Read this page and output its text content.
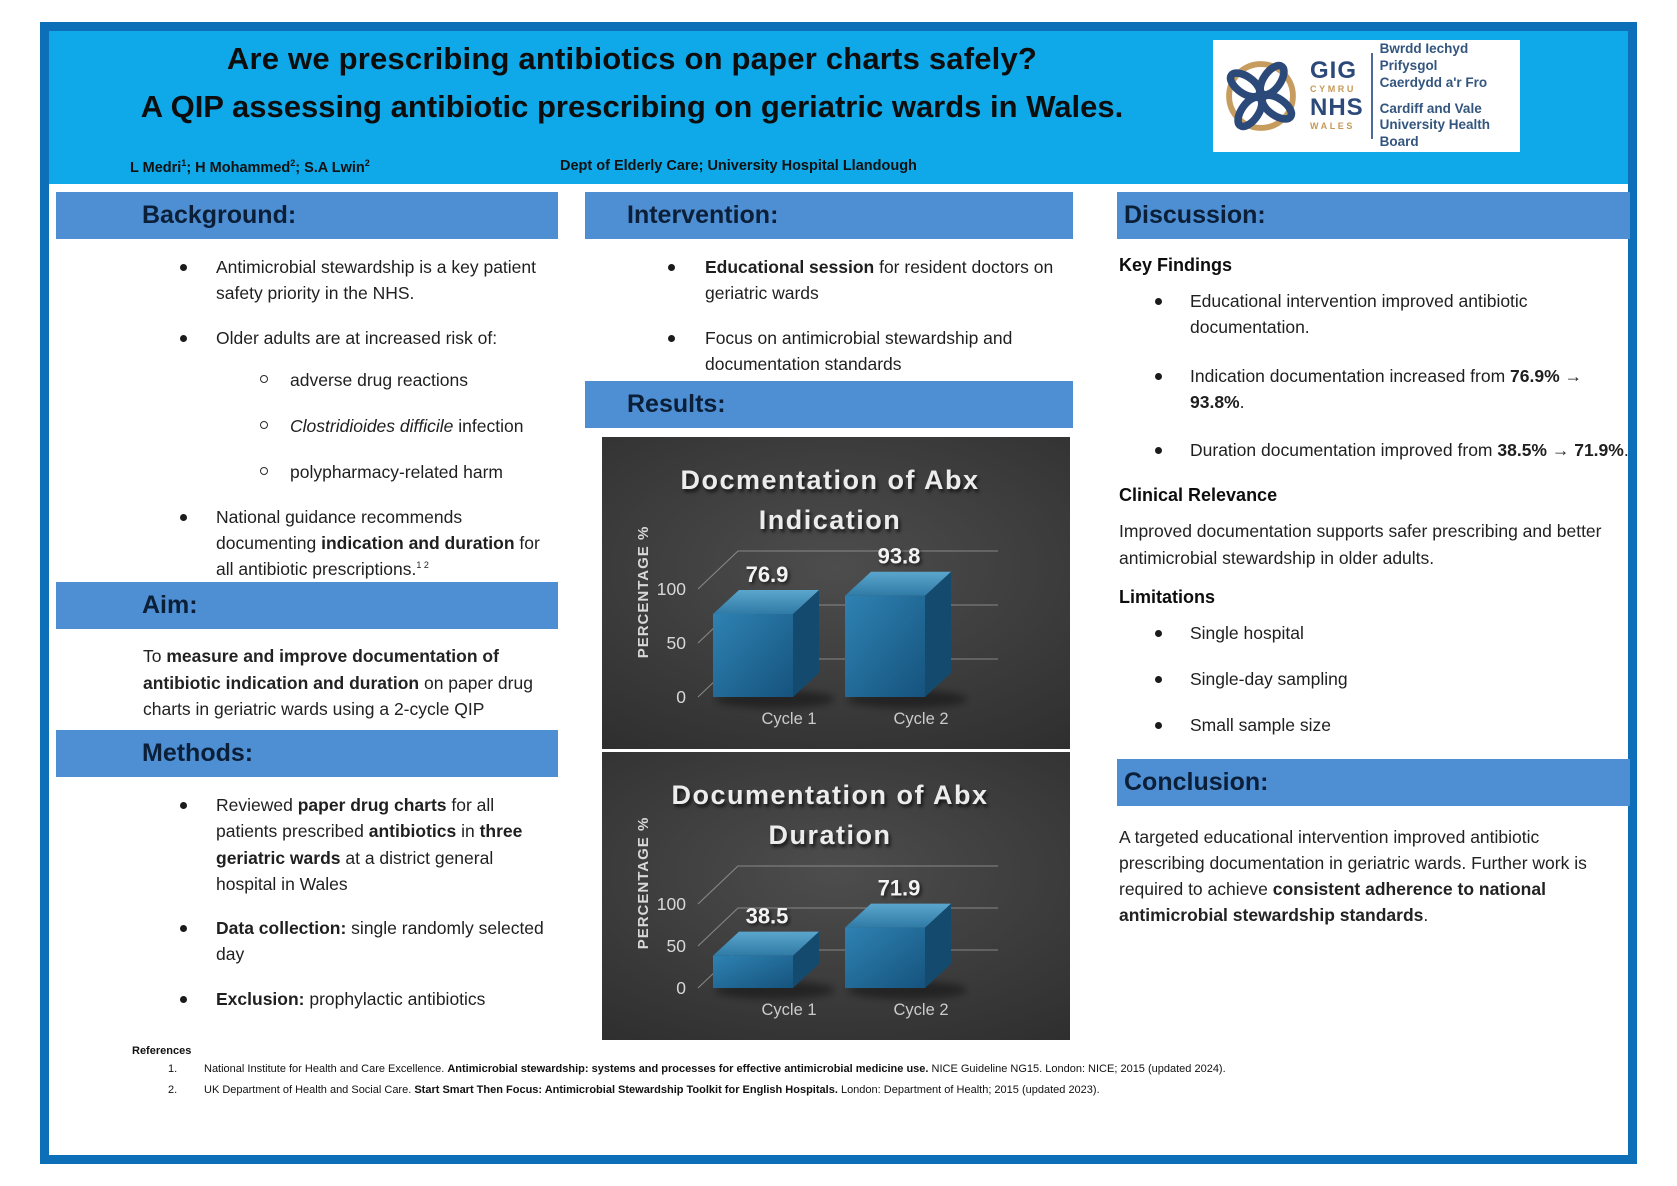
Are we prescribing antibiotics on paper charts safely?
A QIP assessing antibiotic prescribing on geriatric wards in Wales.
L Medri$^1$; H Mohammed$^2$; S.A Lwin$^2$	Dept of Elderly Care; University Hospital Llandough
GIG
CYMRU
NHS
WALES
Bwrdd Iechyd Prifysgol
Caerdydd a'r Fro
Cardiff and Vale
University Health Board
Background:
Antimicrobial stewardship is a key patient safety priority in the NHS.
Older adults are at increased risk of:
adverse drug reactions
Clostridioides difficile infection
polypharmacy-related harm
National guidance recommends documenting indication and duration for all antibiotic prescriptions.$^{1 2}$
Aim:

To measure and improve documentation of antibiotic indication and duration on paper drug charts in geriatric wards using a 2-cycle QIP

Methods:
Reviewed paper drug charts for all patients prescribed antibiotics in three geriatric wards at a district general hospital in Wales
Data collection: single randomly selected day
Exclusion: prophylactic antibiotics
Intervention:
Educational session for resident doctors on geriatric wards
Focus on antimicrobial stewardship and documentation standards
Results:
Docmentation of Abx
Indication
PERCENTAGE %
0
50
100
76.9
Cycle 1
93.8
Cycle 2
Documentation of Abx
Duration
PERCENTAGE %
0
50
100	38.5
Cycle 1
71.9
Cycle 2
Discussion:
Key Findings
Educational intervention improved antibiotic documentation.
Indication documentation increased from 76.9% → 93.8%.
Duration documentation improved from 38.5% → 71.9%.
Clinical Relevance

Improved documentation supports safer prescribing and better antimicrobial stewardship in older adults.

Limitations
Single hospital
Single-day sampling
Small sample size
Conclusion:

A targeted educational intervention improved antibiotic prescribing documentation in geriatric wards. Further work is required to achieve consistent adherence to national antimicrobial stewardship standards.

References
1.	National Institute for Health and Care Excellence. Antimicrobial stewardship: systems and processes for effective antimicrobial medicine use. NICE Guideline NG15. London: NICE; 2015 (updated 2024).
2.	UK Department of Health and Social Care. Start Smart Then Focus: Antimicrobial Stewardship Toolkit for English Hospitals. London: Department of Health; 2015 (updated 2023).
